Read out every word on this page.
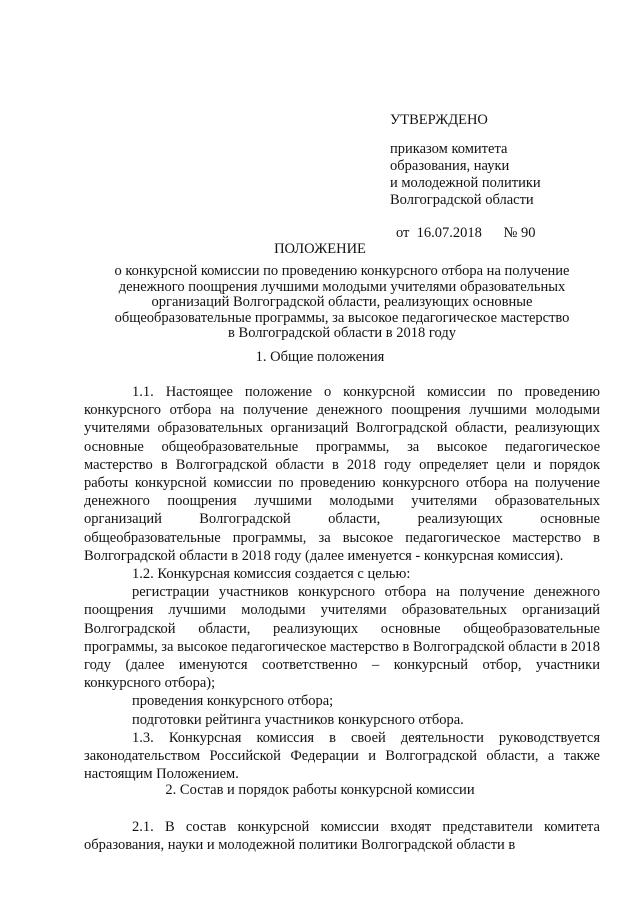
УТВЕРЖДЕНО
приказом комитета
образования, науки
и молодежной политики
Волгоградской области
от 16.07.2018 № 90
ПОЛОЖЕНИЕ
о конкурсной комиссии по проведению конкурсного отбора на получение
денежного поощрения лучшими молодыми учителями образовательных
организаций Волгоградской области, реализующих основные
общеобразовательные программы, за высокое педагогическое мастерство
в Волгоградской области в 2018 году
1. Общие положения

1.1. Настоящее положение о конкурсной комиссии по проведению конкурсного отбора на получение денежного поощрения лучшими молодыми учителями образовательных организаций Волгоградской области, реализующих основные общеобразовательные программы, за высокое педагогическое мастерство в Волгоградской области в 2018 году определяет цели и порядок работы конкурсной комиссии по проведению конкурсного отбора на получение денежного поощрения лучшими молодыми учителями образовательных организаций Волгоградской области, реализующих основные общеобразовательные программы, за высокое педагогическое мастерство в Волгоградской области в 2018 году (далее именуется - конкурсная комиссия).

1.2. Конкурсная комиссия создается с целью:

регистрации участников конкурсного отбора на получение денежного поощрения лучшими молодыми учителями образовательных организаций Волгоградской области, реализующих основные общеобразовательные программы, за высокое педагогическое мастерство в Волгоградской области в 2018 году (далее именуются соответственно – конкурсный отбор, участники конкурсного отбора);

проведения конкурсного отбора;

подготовки рейтинга участников конкурсного отбора.

1.3. Конкурсная комиссия в своей деятельности руководствуется законодательством Российской Федерации и Волгоградской области, а также настоящим Положением.

2. Состав и порядок работы конкурсной комиссии

2.1. В состав конкурсной комиссии входят представители комитета образования, науки и молодежной политики Волгоградской области в
